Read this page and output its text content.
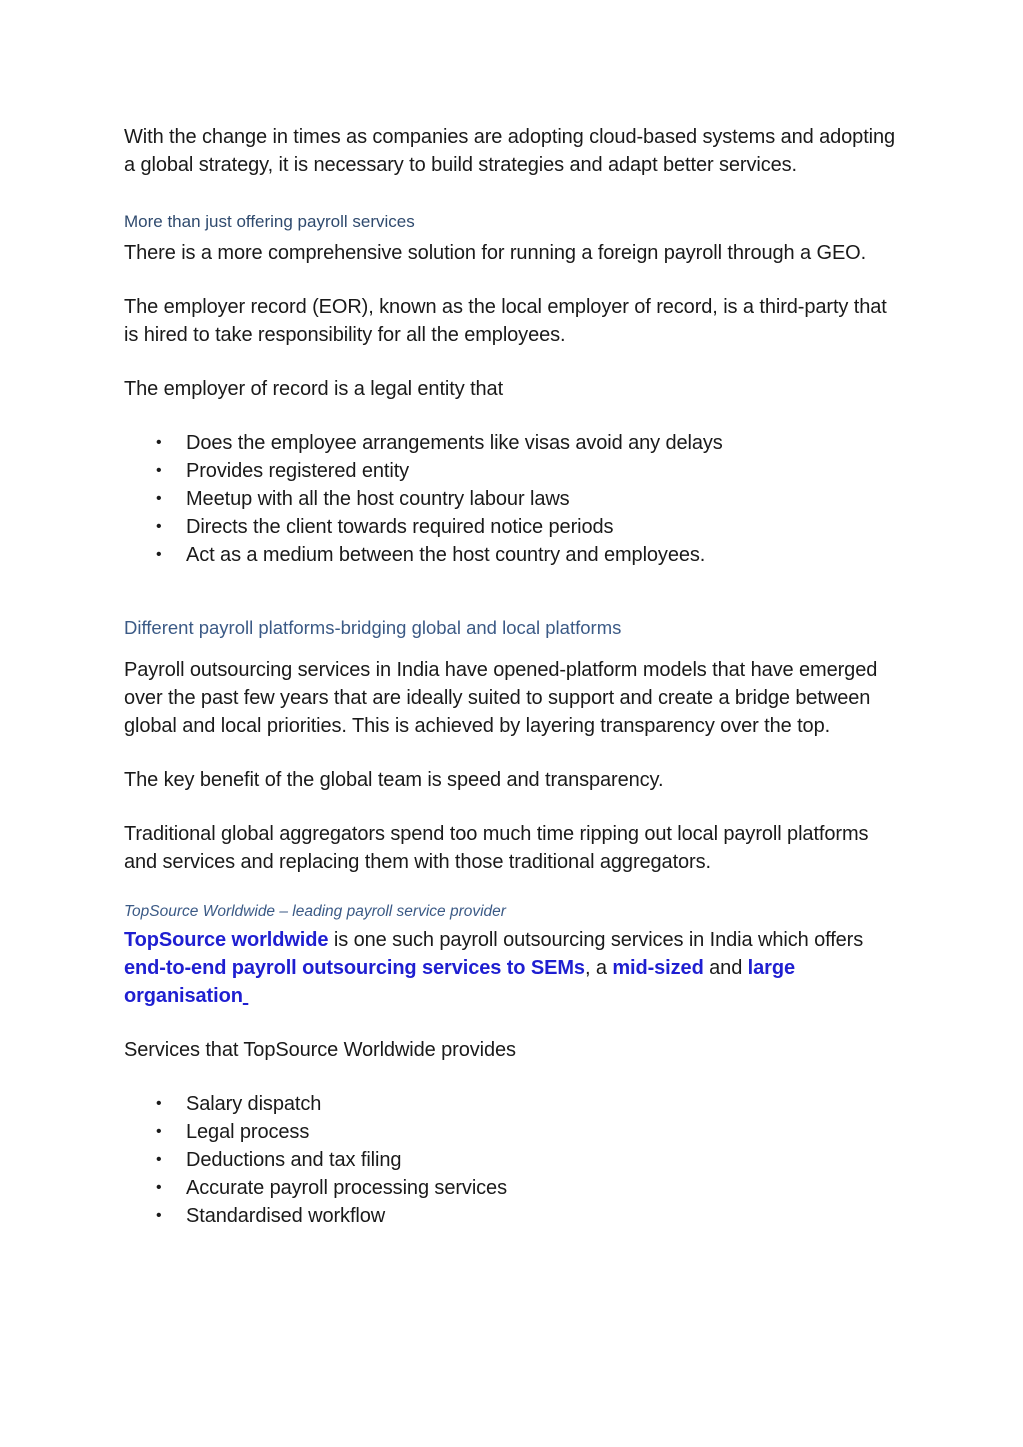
With the change in times as companies are adopting cloud-based systems and adopting a global strategy, it is necessary to build strategies and adapt better services.

More than just offering payroll services

There is a more comprehensive solution for running a foreign payroll through a GEO.

The employer record (EOR), known as the local employer of record, is a third-party that is hired to take responsibility for all the employees.

The employer of record is a legal entity that

• Does the employee arrangements like visas avoid any delays
• Provides registered entity
• Meetup with all the host country labour laws
• Directs the client towards required notice periods
• Act as a medium between the host country and employees.

Different payroll platforms-bridging global and local platforms

Payroll outsourcing services in India have opened-platform models that have emerged over the past few years that are ideally suited to support and create a bridge between global and local priorities. This is achieved by layering transparency over the top.

The key benefit of the global team is speed and transparency.

Traditional global aggregators spend too much time ripping out local payroll platforms and services and replacing them with those traditional aggregators.

TopSource Worldwide – leading payroll service provider

TopSource worldwide is one such payroll outsourcing services in India which offers end-to-end payroll outsourcing services to SEMs, a mid-sized and large organisation

Services that TopSource Worldwide provides

• Salary dispatch
• Legal process
• Deductions and tax filing
• Accurate payroll processing services
• Standardised workflow
